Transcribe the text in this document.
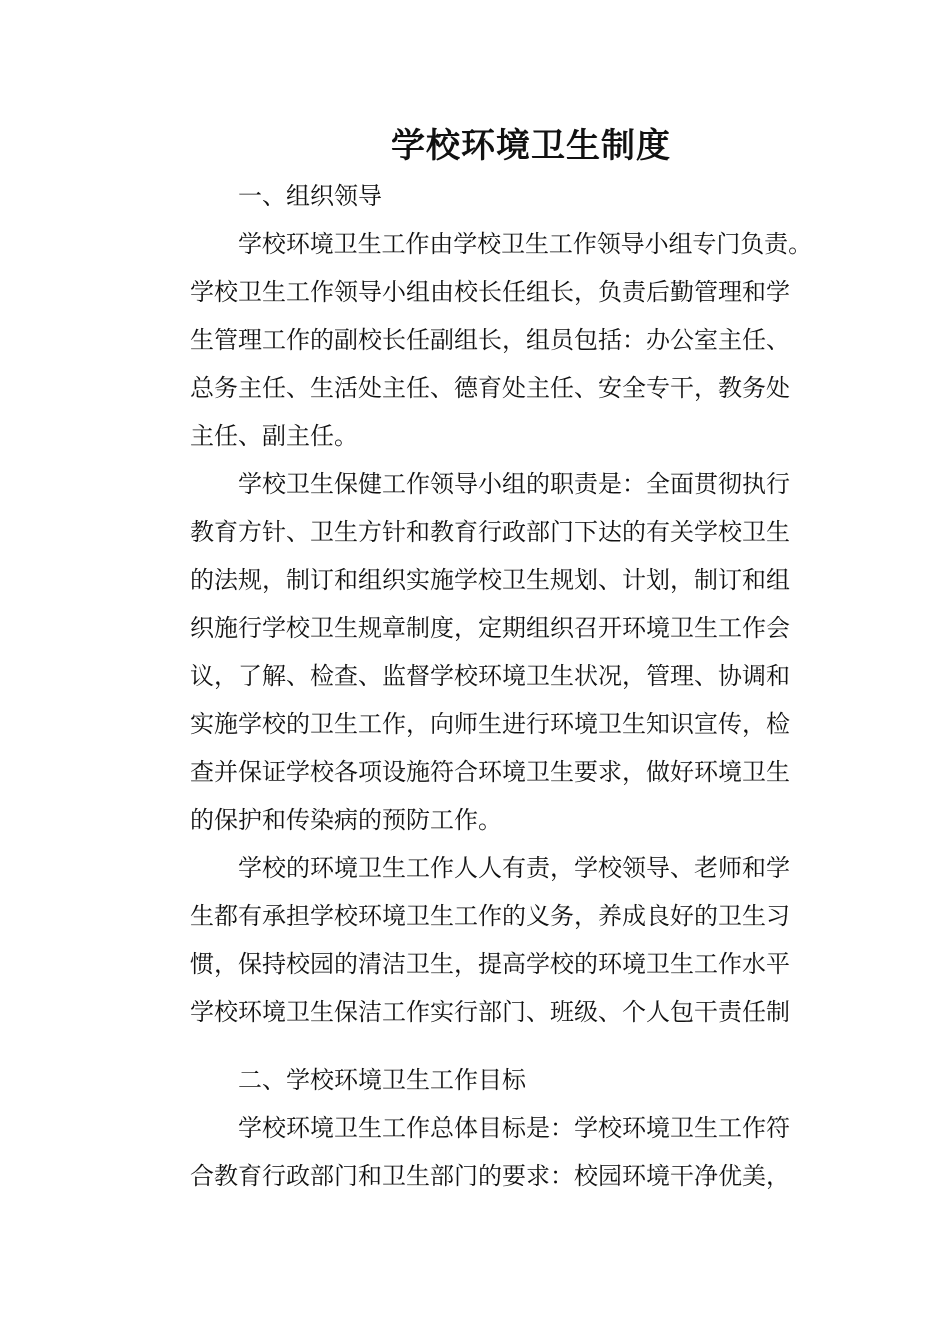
学校环境卫生制度

一、组织领导

学校环境卫生工作由学校卫生工作领导小组专门负责。

学校卫生工作领导小组由校长任组长，负责后勤管理和学

生管理工作的副校长任副组长，组员包括：办公室主任、

总务主任、生活处主任、德育处主任、安全专干，教务处

主任、副主任。

学校卫生保健工作领导小组的职责是：全面贯彻执行

教育方针、卫生方针和教育行政部门下达的有关学校卫生

的法规，制订和组织实施学校卫生规划、计划，制订和组

织施行学校卫生规章制度，定期组织召开环境卫生工作会

议，了解、检查、监督学校环境卫生状况，管理、协调和

实施学校的卫生工作，向师生进行环境卫生知识宣传，检

查并保证学校各项设施符合环境卫生要求，做好环境卫生

的保护和传染病的预防工作。

学校的环境卫生工作人人有责，学校领导、老师和学

生都有承担学校环境卫生工作的义务，养成良好的卫生习

惯，保持校园的清洁卫生，提高学校的环境卫生工作水平

学校环境卫生保洁工作实行部门、班级、个人包干责任制

二、学校环境卫生工作目标

学校环境卫生工作总体目标是：学校环境卫生工作符

合教育行政部门和卫生部门的要求：校园环境干净优美，
